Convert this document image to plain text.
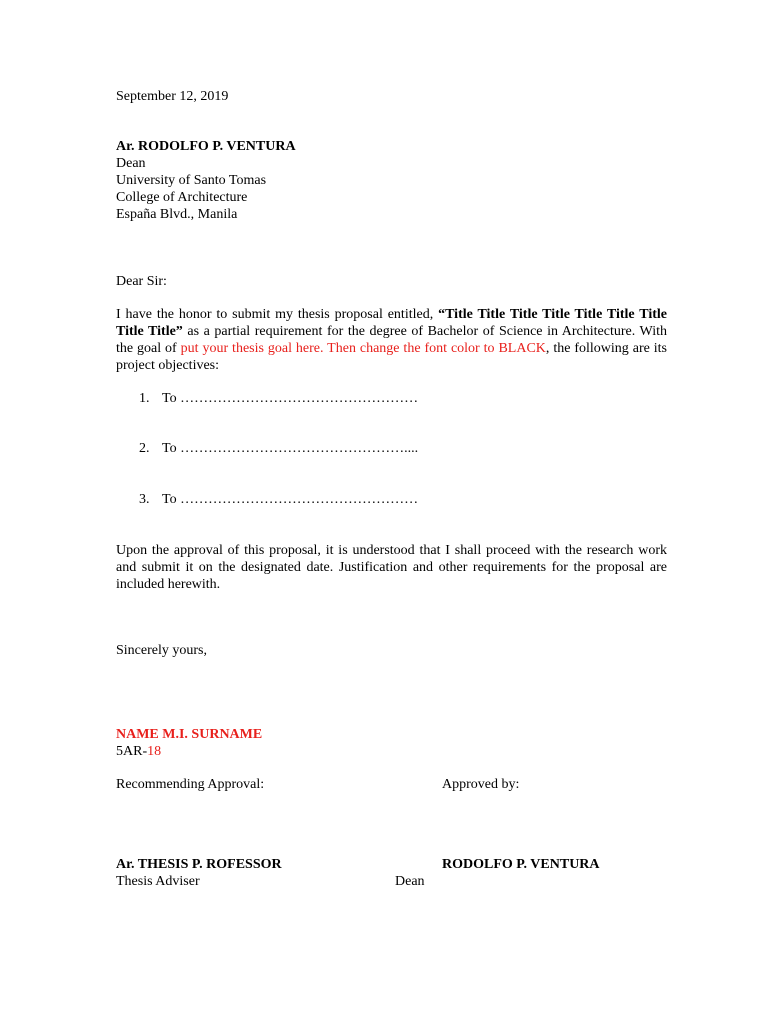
September 12, 2019
Ar. RODOLFO P. VENTURA
Dean
University of Santo Tomas
College of Architecture
España Blvd., Manila
Dear Sir:
I have the honor to submit my thesis proposal entitled, “Title Title Title Title Title Title Title Title Title” as a partial requirement for the degree of Bachelor of Science in Architecture. With the goal of put your thesis goal here. Then change the font color to BLACK, the following are its project objectives:
1. To ……………………………………………
2. To …………………………………………....
3. To ……………………………………………
Upon the approval of this proposal, it is understood that I shall proceed with the research work and submit it on the designated date. Justification and other requirements for the proposal are included herewith.
Sincerely yours,
NAME M.I. SURNAME
5AR-18
Recommending Approval:	Approved by:
Ar. THESIS P. ROFESSOR	RODOLFO P. VENTURA
Thesis Adviser	Dean
